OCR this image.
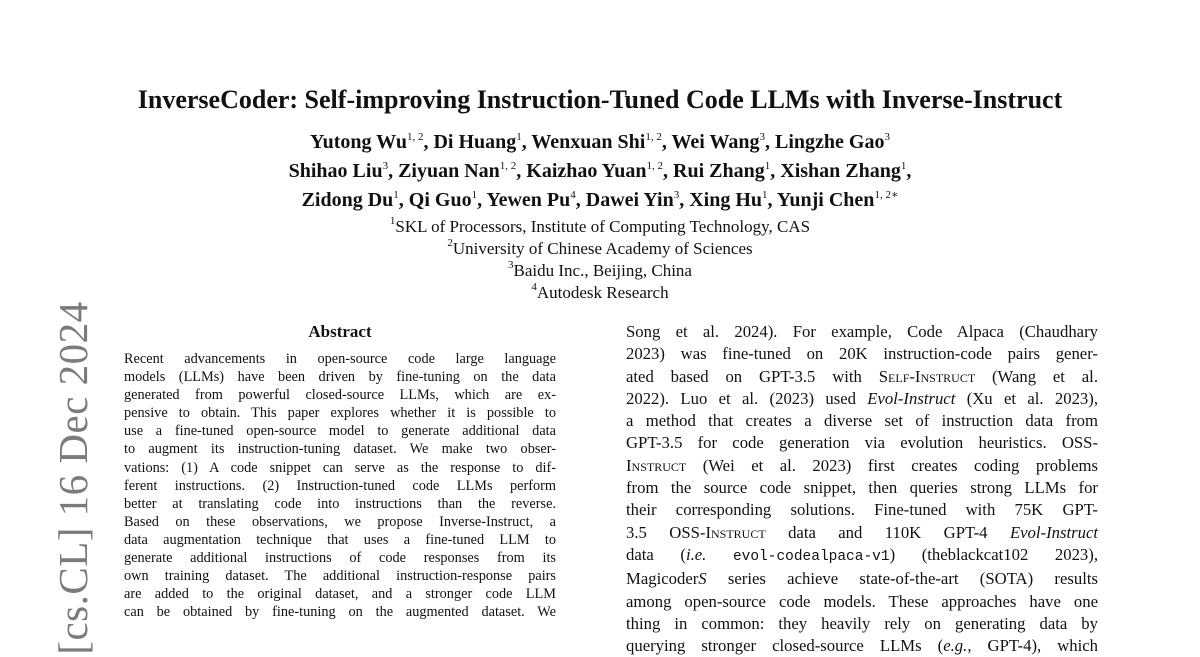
[cs.CL] 16 Dec 2024
InverseCoder: Self-improving Instruction-Tuned Code LLMs with Inverse-Instruct
Yutong Wu$^{1, 2}$, Di Huang$^1$, Wenxuan Shi$^{1, 2}$, Wei Wang$^3$, Lingzhe Gao$^3$
Shihao Liu$^3$, Ziyuan Nan$^{1, 2}$, Kaizhao Yuan$^{1, 2}$, Rui Zhang$^1$, Xishan Zhang$^1$,
Zidong Du$^1$, Qi Guo$^1$, Yewen Pu$^4$, Dawei Yin$^3$, Xing Hu$^1$, Yunji Chen$^{1, 2∗}$
$^1$SKL of Processors, Institute of Computing Technology, CAS
$^2$University of Chinese Academy of Sciences
$^3$Baidu Inc., Beijing, China
$^4$Autodesk Research
Abstract
Recent advancements in open-source code large language
models (LLMs) have been driven by fine-tuning on the data
generated from powerful closed-source LLMs, which are ex-
pensive to obtain. This paper explores whether it is possible to
use a fine-tuned open-source model to generate additional data
to augment its instruction-tuning dataset. We make two obser-
vations: (1) A code snippet can serve as the response to dif-
ferent instructions. (2) Instruction-tuned code LLMs perform
better at translating code into instructions than the reverse.
Based on these observations, we propose Inverse-Instruct, a
data augmentation technique that uses a fine-tuned LLM to
generate additional instructions of code responses from its
own training dataset. The additional instruction-response pairs
are added to the original dataset, and a stronger code LLM
can be obtained by fine-tuning on the augmented dataset. We
Song et al. 2024). For example, Code Alpaca (Chaudhary
2023) was fine-tuned on 20K instruction-code pairs gener-
ated based on GPT-3.5 with Self-Instruct (Wang et al.
2022). Luo et al. (2023) used Evol-Instruct (Xu et al. 2023),
a method that creates a diverse set of instruction data from
GPT-3.5 for code generation via evolution heuristics. OSS-
Instruct (Wei et al. 2023) first creates coding problems
from the source code snippet, then queries strong LLMs for
their corresponding solutions. Fine-tuned with 75K GPT-
3.5 OSS-Instruct data and 110K GPT-4 Evol-Instruct
data (i.e. evol-codealpaca-v1) (theblackcat102 2023),
MagicoderS series achieve state-of-the-art (SOTA) results
among open-source code models. These approaches have one
thing in common: they heavily rely on generating data by
querying stronger closed-source LLMs (e.g., GPT-4), which
